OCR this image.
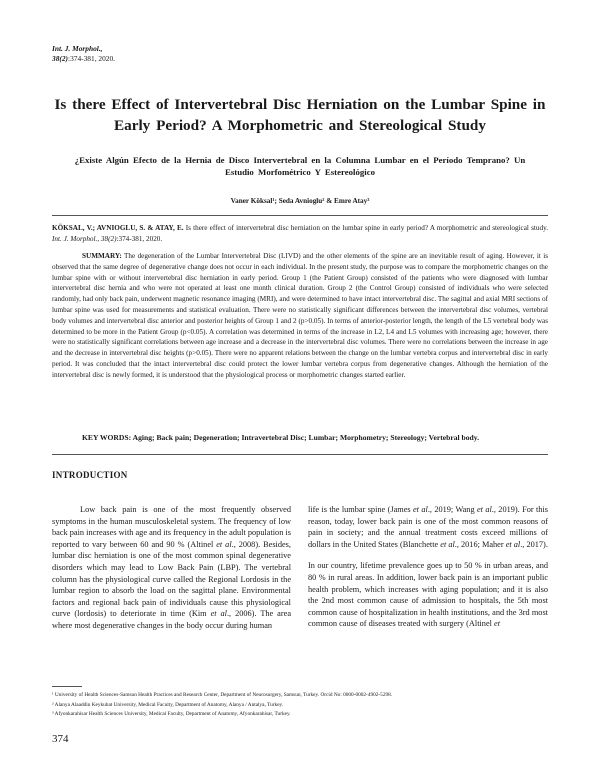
Int. J. Morphol.,
38(2):374-381, 2020.
Is there Effect of Intervertebral Disc Herniation on the Lumbar Spine in Early Period? A Morphometric and Stereological Study
¿Existe Algún Efecto de la Hernia de Disco Intervertebral en la Columna Lumbar en el Período Temprano? Un Estudio Morfométrico Y Estereológico
Vaner Köksal¹; Seda Avnioglu² & Emre Atay³
KÖKSAL, V.; AVNIOGLU, S. & ATAY, E. Is there effect of intervertebral disc herniation on the lumbar spine in early period? A morphometric and stereological study. Int. J. Morphol., 38(2):374-381, 2020.
SUMMARY: The degeneration of the Lumbar Intervertebral Disc (LIVD) and the other elements of the spine are an inevitable result of aging. However, it is observed that the same degree of degenerative change does not occur in each individual. In the present study, the purpose was to compare the morphometric changes on the lumbar spine with or without intervertebral disc herniation in early period. Group 1 (the Patient Group) consisted of the patients who were diagnosed with lumbar intervertebral disc hernia and who were not operated at least one month clinical duration. Group 2 (the Control Group) consisted of individuals who were selected randomly, had only back pain, underwent magnetic resonance imaging (MRI), and were determined to have intact intervertebral disc. The sagittal and axial MRI sections of lumbar spine was used for measurements and statistical evaluation. There were no statistically significant differences between the intervertebral disc volumes, vertebral body volumes and intervertebral disc anterior and posterior heights of Group 1 and 2 (p>0.05). In terms of anterior-posterior length, the length of the L5 vertebral body was determined to be more in the Patient Group (p<0.05). A correlation was determined in terms of the increase in L2, L4 and L5 volumes with increasing age; however, there were no statistically significant correlations between age increase and a decrease in the intervertebral disc volumes. There were no correlations between the increase in age and the decrease in intervertebral disc heights (p>0.05). There were no apparent relations between the change on the lumbar vertebra corpus and intervertebral disc in early period. It was concluded that the intact intervertebral disc could protect the lower lumbar vertebra corpus from degenerative changes. Although the herniation of the intervertebral disc is newly formed, it is understood that the physiological process or morphometric changes started earlier.
KEY WORDS: Aging; Back pain; Degeneration; Intravertebral Disc; Lumbar; Morphometry; Stereology; Vertebral body.
INTRODUCTION
Low back pain is one of the most frequently observed symptoms in the human musculoskeletal system. The frequency of low back pain increases with age and its frequency in the adult population is reported to vary between 60 and 90 % (Altinel et al., 2008). Besides, lumbar disc herniation is one of the most common spinal degenerative disorders which may lead to Low Back Pain (LBP). The vertebral column has the physiological curve called the Regional Lordosis in the lumbar region to absorb the load on the sagittal plane. Environmental factors and regional back pain of individuals cause this physiological curve (lordosis) to deteriorate in time (Kim et al., 2006). The area where most degenerative changes in the body occur during human

life is the lumbar spine (James et al., 2019; Wang et al., 2019). For this reason, today, lower back pain is one of the most common reasons of pain in society; and the annual treatment costs exceed millions of dollars in the United States (Blanchette et al., 2016; Maher et al., 2017).

In our country, lifetime prevalence goes up to 50 % in urban areas, and 80 % in rural areas. In addition, lower back pain is an important public health problem, which increases with aging population; and it is also the 2nd most common cause of admission to hospitals, the 5th most common cause of hospitalization in health institutions, and the 3rd most common cause of diseases treated with surgery (Altinel et

¹ University of Health Sciences-Samsun Health Practices and Research Center, Department of Neurosurgery, Samsun, Turkey. Orcid No: 0000-0002-4902-5298.

² Alanya Alaaddin Keykubat University, Medical Faculty, Department of Anatomy, Alanya / Antalya, Turkey.

³ Afyonkarahisar Health Sciences University, Medical Faculty, Department of Anatomy, Afyonkarahisar, Turkey.

374
